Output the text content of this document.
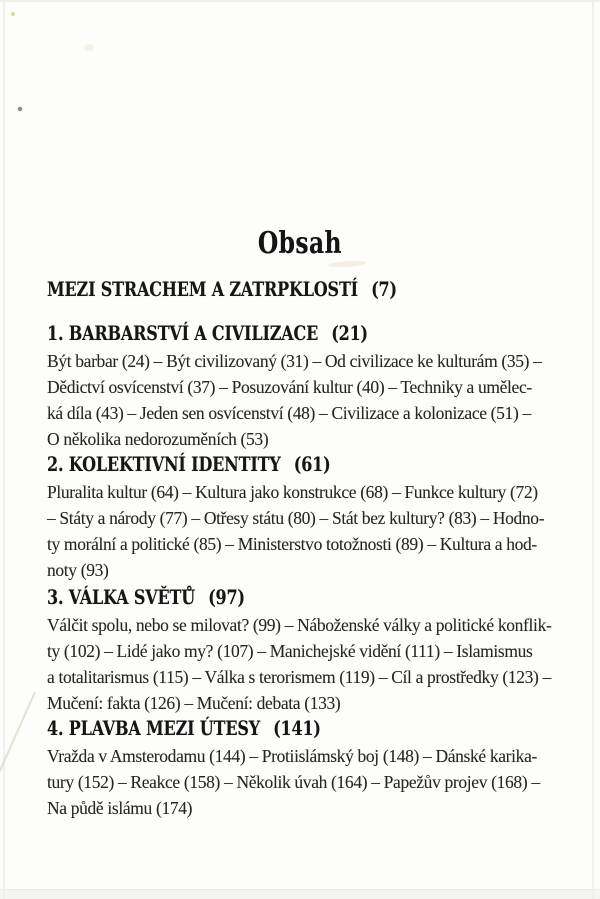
Obsah
MEZI STRACHEM A ZATRPKLOSTÍ (7)
1. BARBARSTVÍ A CIVILIZACE (21)
Být barbar (24) – Být civilizovaný (31) – Od civilizace ke kulturám (35) –
Dědictví osvícenství (37) – Posuzování kultur (40) – Techniky a umělec-
ká díla (43) – Jeden sen osvícenství (48) – Civilizace a kolonizace (51) –
O několika nedorozuměních (53)
2. KOLEKTIVNÍ IDENTITY (61)
Pluralita kultur (64) – Kultura jako konstrukce (68) – Funkce kultury (72)
– Státy a národy (77) – Otřesy státu (80) – Stát bez kultury? (83) – Hodno-
ty morální a politické (85) – Ministerstvo totožnosti (89) – Kultura a hod-
noty (93)
3. VÁLKA SVĚTŮ (97)
Válčit spolu, nebo se milovat? (99) – Náboženské války a politické konflik-
ty (102) – Lidé jako my? (107) – Manichejské vidění (111) – Islamismus
a totalitarismus (115) – Válka s terorismem (119) – Cíl a prostředky (123) –
Mučení: fakta (126) – Mučení: debata (133)
4. PLAVBA MEZI ÚTESY (141)
Vražda v Amsterodamu (144) – Protiislámský boj (148) – Dánské karika-
tury (152) – Reakce (158) – Několik úvah (164) – Papežův projev (168) –
Na půdě islámu (174)
